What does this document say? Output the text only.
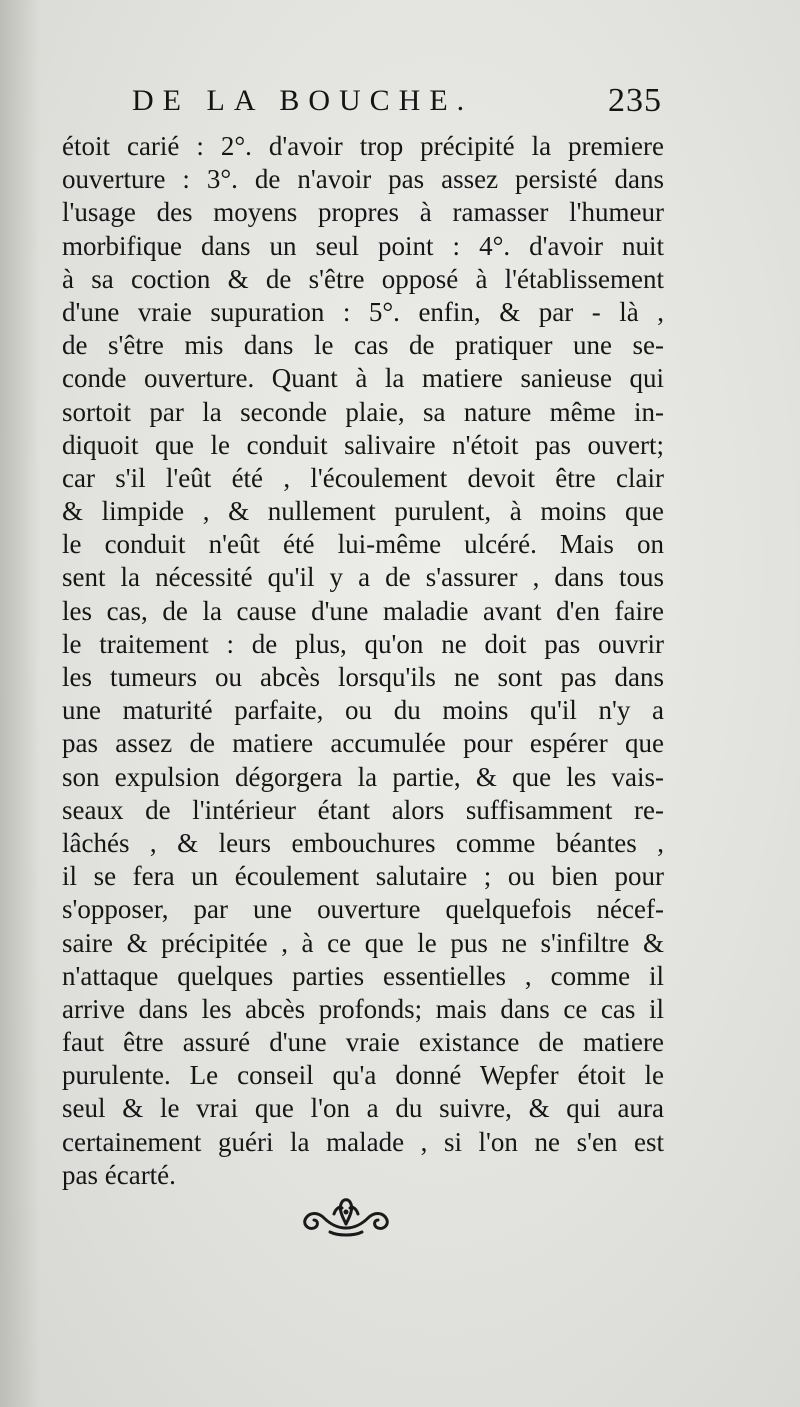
DE LA BOUCHE.	235
étoit carié : 2°. d'avoir trop précipité la premiere
ouverture : 3°. de n'avoir pas assez persisté dans
l'usage des moyens propres à ramasser l'humeur
morbifique dans un seul point : 4°. d'avoir nuit
à sa coction & de s'être opposé à l'établissement
d'une vraie supuration : 5°. enfin, & par - là ,
de s'être mis dans le cas de pratiquer une se-
conde ouverture. Quant à la matiere sanieuse qui
sortoit par la seconde plaie, sa nature même in-
diquoit que le conduit salivaire n'étoit pas ouvert;
car s'il l'eût été , l'écoulement devoit être clair
& limpide , & nullement purulent, à moins que
le conduit n'eût été lui-même ulcéré. Mais on
sent la nécessité qu'il y a de s'assurer , dans tous
les cas, de la cause d'une maladie avant d'en faire
le traitement : de plus, qu'on ne doit pas ouvrir
les tumeurs ou abcès lorsqu'ils ne sont pas dans
une maturité parfaite, ou du moins qu'il n'y a
pas assez de matiere accumulée pour espérer que
son expulsion dégorgera la partie, & que les vais-
seaux de l'intérieur étant alors suffisamment re-
lâchés , & leurs embouchures comme béantes ,
il se fera un écoulement salutaire ; ou bien pour
s'opposer, par une ouverture quelquefois nécef-
saire & précipitée , à ce que le pus ne s'infiltre &
n'attaque quelques parties essentielles , comme il
arrive dans les abcès profonds; mais dans ce cas il
faut être assuré d'une vraie existance de matiere
purulente. Le conseil qu'a donné Wepfer étoit le
seul & le vrai que l'on a du suivre, & qui aura
certainement guéri la malade , si l'on ne s'en est
pas écarté.
